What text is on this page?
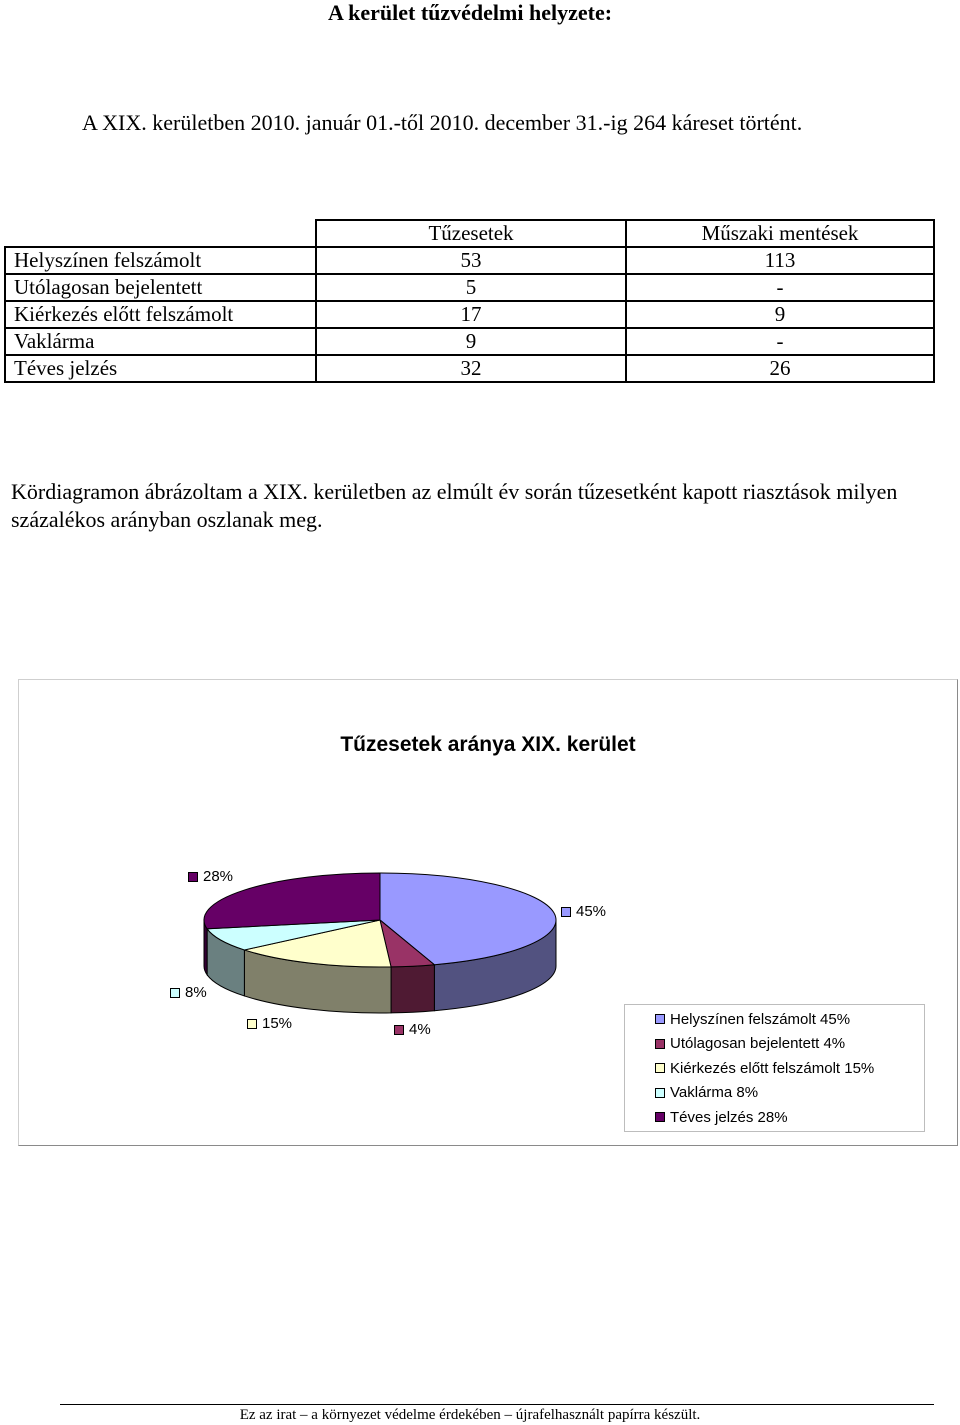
A kerület tűzvédelmi helyzete:
A XIX. kerületben 2010. január 01.-től 2010. december 31.-ig 264 káreset történt.
	Tűzesetek	Műszaki mentések
Helyszínen felszámolt	53	113
Utólagosan bejelentett	5	-
Kiérkezés előtt felszámolt	17	9
Vaklárma	9	-
Téves jelzés	32	26
Kördiagramon ábrázoltam a XIX. kerületben az elmúlt év során tűzesetként kapott riasztások milyen százalékos arányban oszlanak meg.
Tűzesetek aránya XIX. kerület
28%
45%
8%
15%	4%
Helyszínen felszámolt 45%
Utólagosan bejelentett 4%
Kiérkezés előtt felszámolt 15%
Vaklárma 8%
Téves jelzés 28%
Ez az irat – a környezet védelme érdekében – újrafelhasznált papírra készült.
